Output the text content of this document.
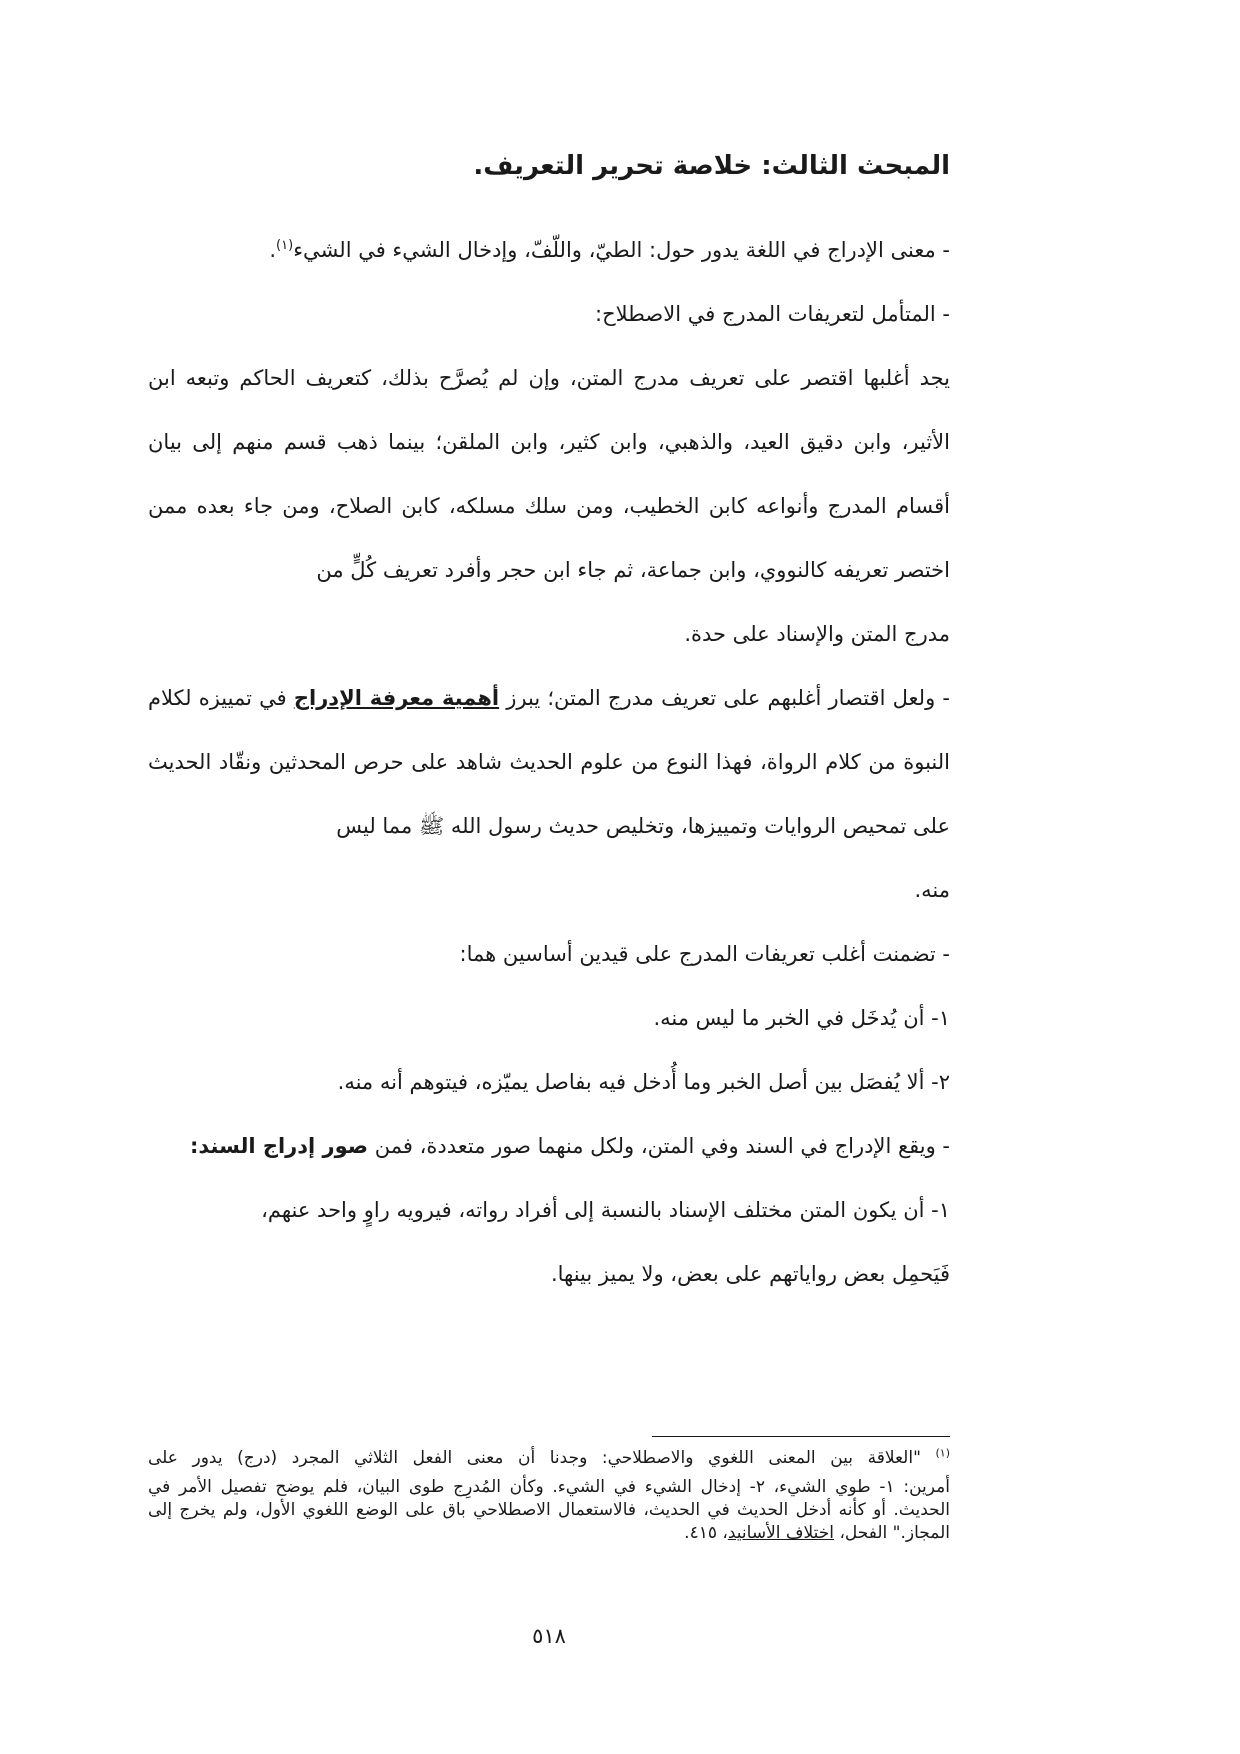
المبحث الثالث: خلاصة تحرير التعريف.

- معنى الإدراج في اللغة يدور حول: الطيّ، واللّفّ، وإدخال الشيء في الشيء$^{(١)}$.

- المتأمل لتعريفات المدرج في الاصطلاح:

يجد أغلبها اقتصر على تعريف مدرج المتن، وإن لم يُصرَّح بذلك، كتعريف الحاكم وتبعه ابن الأثير، وابن دقيق العيد، والذهبي، وابن كثير، وابن الملقن؛ بينما ذهب قسم منهم إلى بيان أقسام المدرج وأنواعه كابن الخطيب، ومن سلك مسلكه، كابن الصلاح، ومن جاء بعده ممن اختصر تعريفه كالنووي، وابن جماعة، ثم جاء ابن حجر وأفرد تعريف كُلٍّ من
مدرج المتن والإسناد على حدة.

- ولعل اقتصار أغلبهم على تعريف مدرج المتن؛ يبرز أهمية معرفة الإدراج في تمييزه لكلام النبوة من كلام الرواة، فهذا النوع من علوم الحديث شاهد على حرص المحدثين ونقّاد الحديث على تمحيص الروايات وتمييزها، وتخليص حديث رسول الله ﷺ مما ليس
منه.

- تضمنت أغلب تعريفات المدرج على قيدين أساسين هما:

١- أن يُدخَل في الخبر ما ليس منه.

٢- ألا يُفصَل بين أصل الخبر وما أُدخل فيه بفاصل يميّزه، فيتوهم أنه منه.

- ويقع الإدراج في السند وفي المتن، ولكل منهما صور متعددة، فمن صور إدراج السند:

١- أن يكون المتن مختلف الإسناد بالنسبة إلى أفراد رواته، فيرويه راوٍ واحد عنهم،
فَيَحمِل بعض رواياتهم على بعض، ولا يميز بينها.

$^{(١)}$ "العلاقة بين المعنى اللغوي والاصطلاحي: وجدنا أن معنى الفعل الثلاثي المجرد (درج) يدور على
أمرين: ١- طوي الشيء، ٢- إدخال الشيء في الشيء. وكأن المُدرِج طوى البيان، فلم يوضح تفصيل الأمر في الحديث. أو كأنه أدخل الحديث في الحديث، فالاستعمال الاصطلاحي باق على الوضع اللغوي الأول، ولم يخرج إلى المجاز." الفحل، اختلاف الأسانيد، ٤١٥.

٥١٨
